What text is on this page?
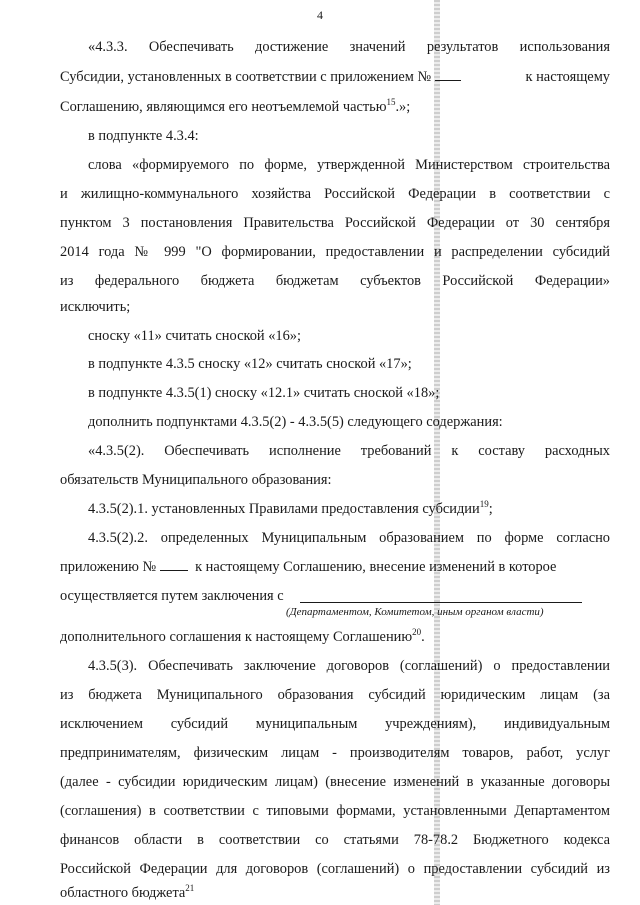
4
«4.3.3. Обеспечивать достижение значений результатов использования
Субсидии, установленных в соответствии с приложением №	к настоящему
Соглашению, являющимся его неотъемлемой частью$^{15}$.»;
в подпункте 4.3.4:
слова «формируемого по форме, утвержденной Министерством строительства
и жилищно-коммунального хозяйства Российской Федерации в соответствии с
пунктом 3 постановления Правительства Российской Федерации от 30 сентября
2014 года № 999 "О формировании, предоставлении и распределении субсидий
из федерального бюджета бюджетам субъектов Российской Федерации»
исключить;
сноску «11» считать сноской «16»;
в подпункте 4.3.5 сноску «12» считать сноской «17»;
в подпункте 4.3.5(1) сноску «12.1» считать сноской «18»;
дополнить подпунктами 4.3.5(2) - 4.3.5(5) следующего содержания:
«4.3.5(2). Обеспечивать исполнение требований к составу расходных
обязательств Муниципального образования:
4.3.5(2).1. установленных Правилами предоставления субсидии$^{19}$;
4.3.5(2).2. определенных Муниципальным образованием по форме согласно
приложению №	к настоящему Соглашению, внесение изменений в которое
осуществляется путем заключения с
(Департаментом, Комитетом, иным органом власти)
дополнительного соглашения к настоящему Соглашению$^{20}$.
4.3.5(3). Обеспечивать заключение договоров (соглашений) о предоставлении
из бюджета Муниципального образования субсидий юридическим лицам (за
исключением субсидий муниципальным учреждениям), индивидуальным
предпринимателям, физическим лицам - производителям товаров, работ, услуг
(далее - субсидии юридическим лицам) (внесение изменений в указанные договоры
(соглашения) в соответствии с типовыми формами, установленными Департаментом
финансов области в соответствии со статьями 78-78.2 Бюджетного кодекса
Российской Федерации для договоров (соглашений) о предоставлении субсидий из
областного бюджета$^{21}$
